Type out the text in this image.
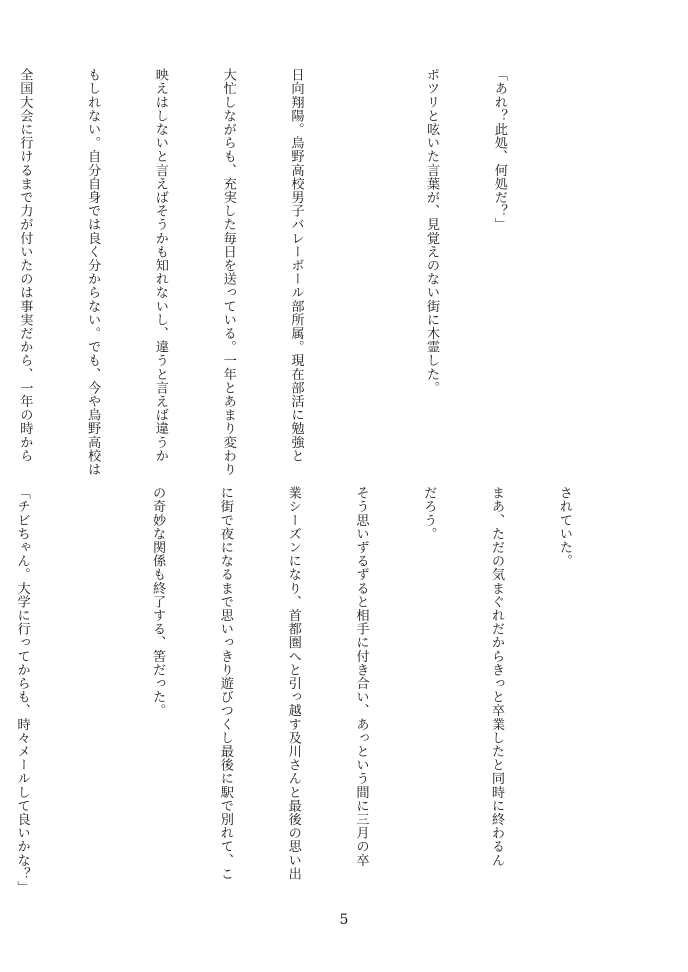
「あれ？此処、何処だ？」

ポツリと呟いた言葉が、見覚えのない街に木霊した。

日向翔陽。烏野高校男子バレーボール部所属。現在部活に勉強と

大忙しながらも、充実した毎日を送っている。一年とあまり変わり

映えはしないと言えばそうかも知れないし、違うと言えば違うか

もしれない。自分自身では良く分からない。でも、今や烏野高校は

全国大会に行けるまで力が付いたのは事実だから、一年の時から

されていた。

まあ、ただの気まぐれだからきっと卒業したと同時に終わるん

だろう。

そう思いずるずると相手に付き合い、あっという間に三月の卒

業シーズンになり、首都圏へと引っ越す及川さんと最後の思い出

に街で夜になるまで思いっきり遊びつくし最後に駅で別れて、こ

の奇妙な関係も終了する、筈だった。

「チビちゃん。大学に行ってからも、時々メールして良いかな？」

5
